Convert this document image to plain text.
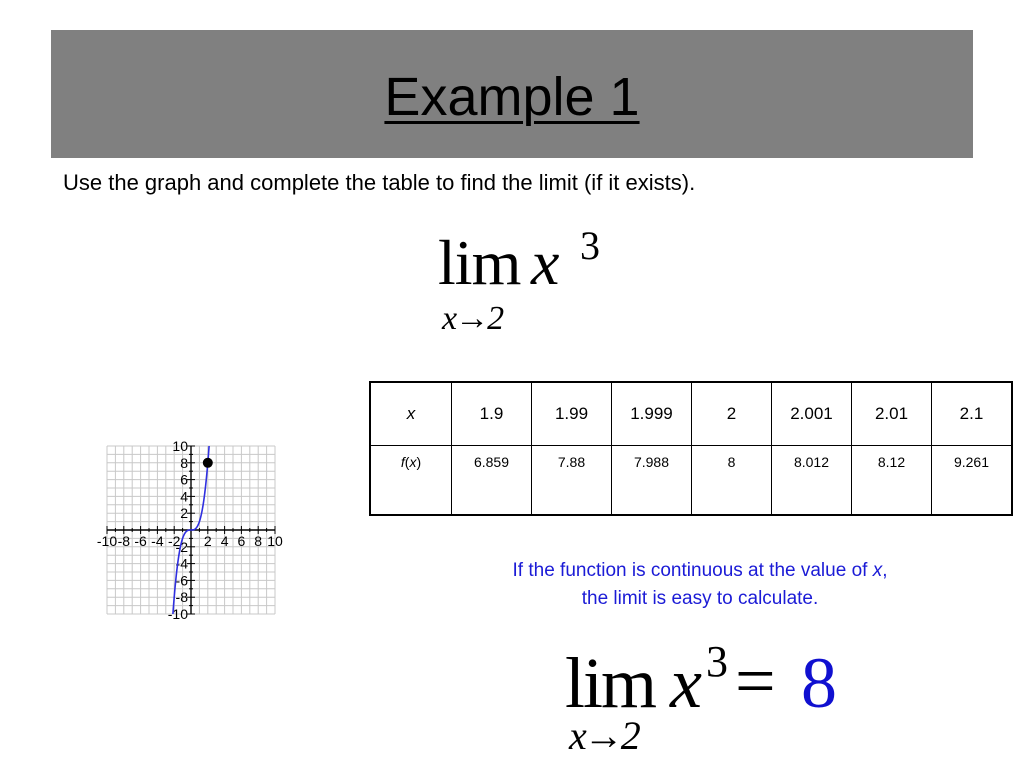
Example 1
Use the graph and complete the table to find the limit (if it exists).
lim x 3
x→2
-10 -8 -6 -4 -2 2 4 6 8 10
10
8
6
4
2
-2
-4
-6
-8
-10
x	1.9	1.99	1.999	2	2.001	2.01	2.1
f(x)	6.859	7.88	7.988	8	8.012	8.12	9.261
If the function is continuous at the value of x,
the limit is easy to calculate.
lim x 3 = 8
x→2
